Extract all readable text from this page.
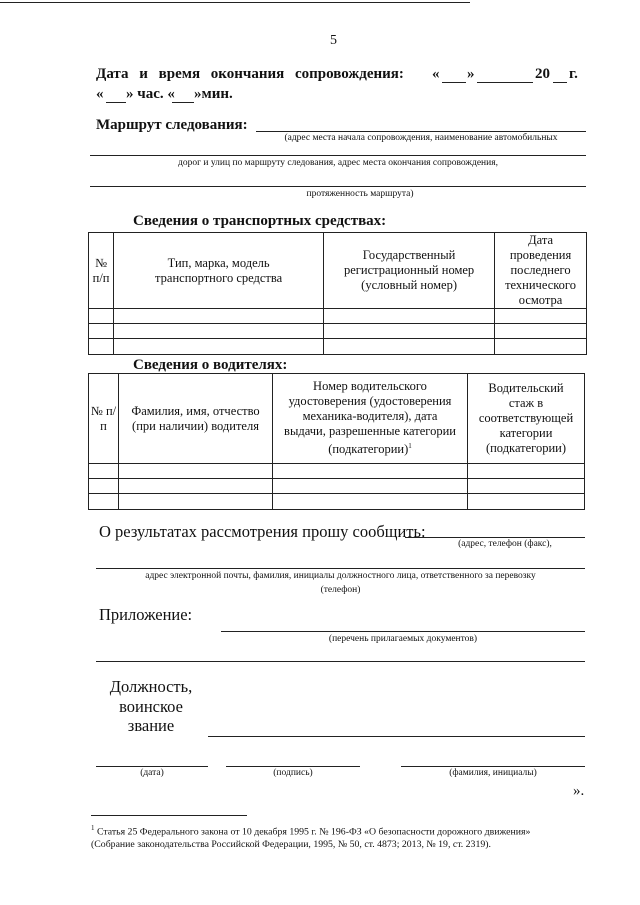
5
Дата и время окончания сопровождения: « »	20 г.
« » час. « »мин.
Маршрут следования:
(адрес места начала сопровождения, наименование автомобильных
дорог и улиц по маршруту следования, адрес места окончания сопровождения,
протяженность маршрута)
Сведения о транспортных средствах:
№ п/п	Тип, марка, модель транспортного средства	Государственный регистрационный номер (условный номер)	Дата проведения последнего технического осмотра

Сведения о водителях:
№ п/п	Фамилия, имя, отчество (при наличии) водителя	Номер водительского удостоверения (удостоверения механика-водителя), дата выдачи, разрешенные категории (подкатегории)$^1$	Водительский стаж в соответствующей категории (подкатегории)

О результатах рассмотрения прошу сообщить:
(адрес, телефон (факс),
адрес электронной почты, фамилия, инициалы должностного лица, ответственного за перевозку
(телефон)
Приложение:
(перечень прилагаемых документов)
Должность,
воинское
звание
(дата)	(подпись)	(фамилия, инициалы)
».
$^1$ Статья 25 Федерального закона от 10 декабря 1995 г. № 196-ФЗ «О безопасности дорожного движения»
(Собрание законодательства Российской Федерации, 1995, № 50, ст. 4873; 2013, № 19, ст. 2319).
